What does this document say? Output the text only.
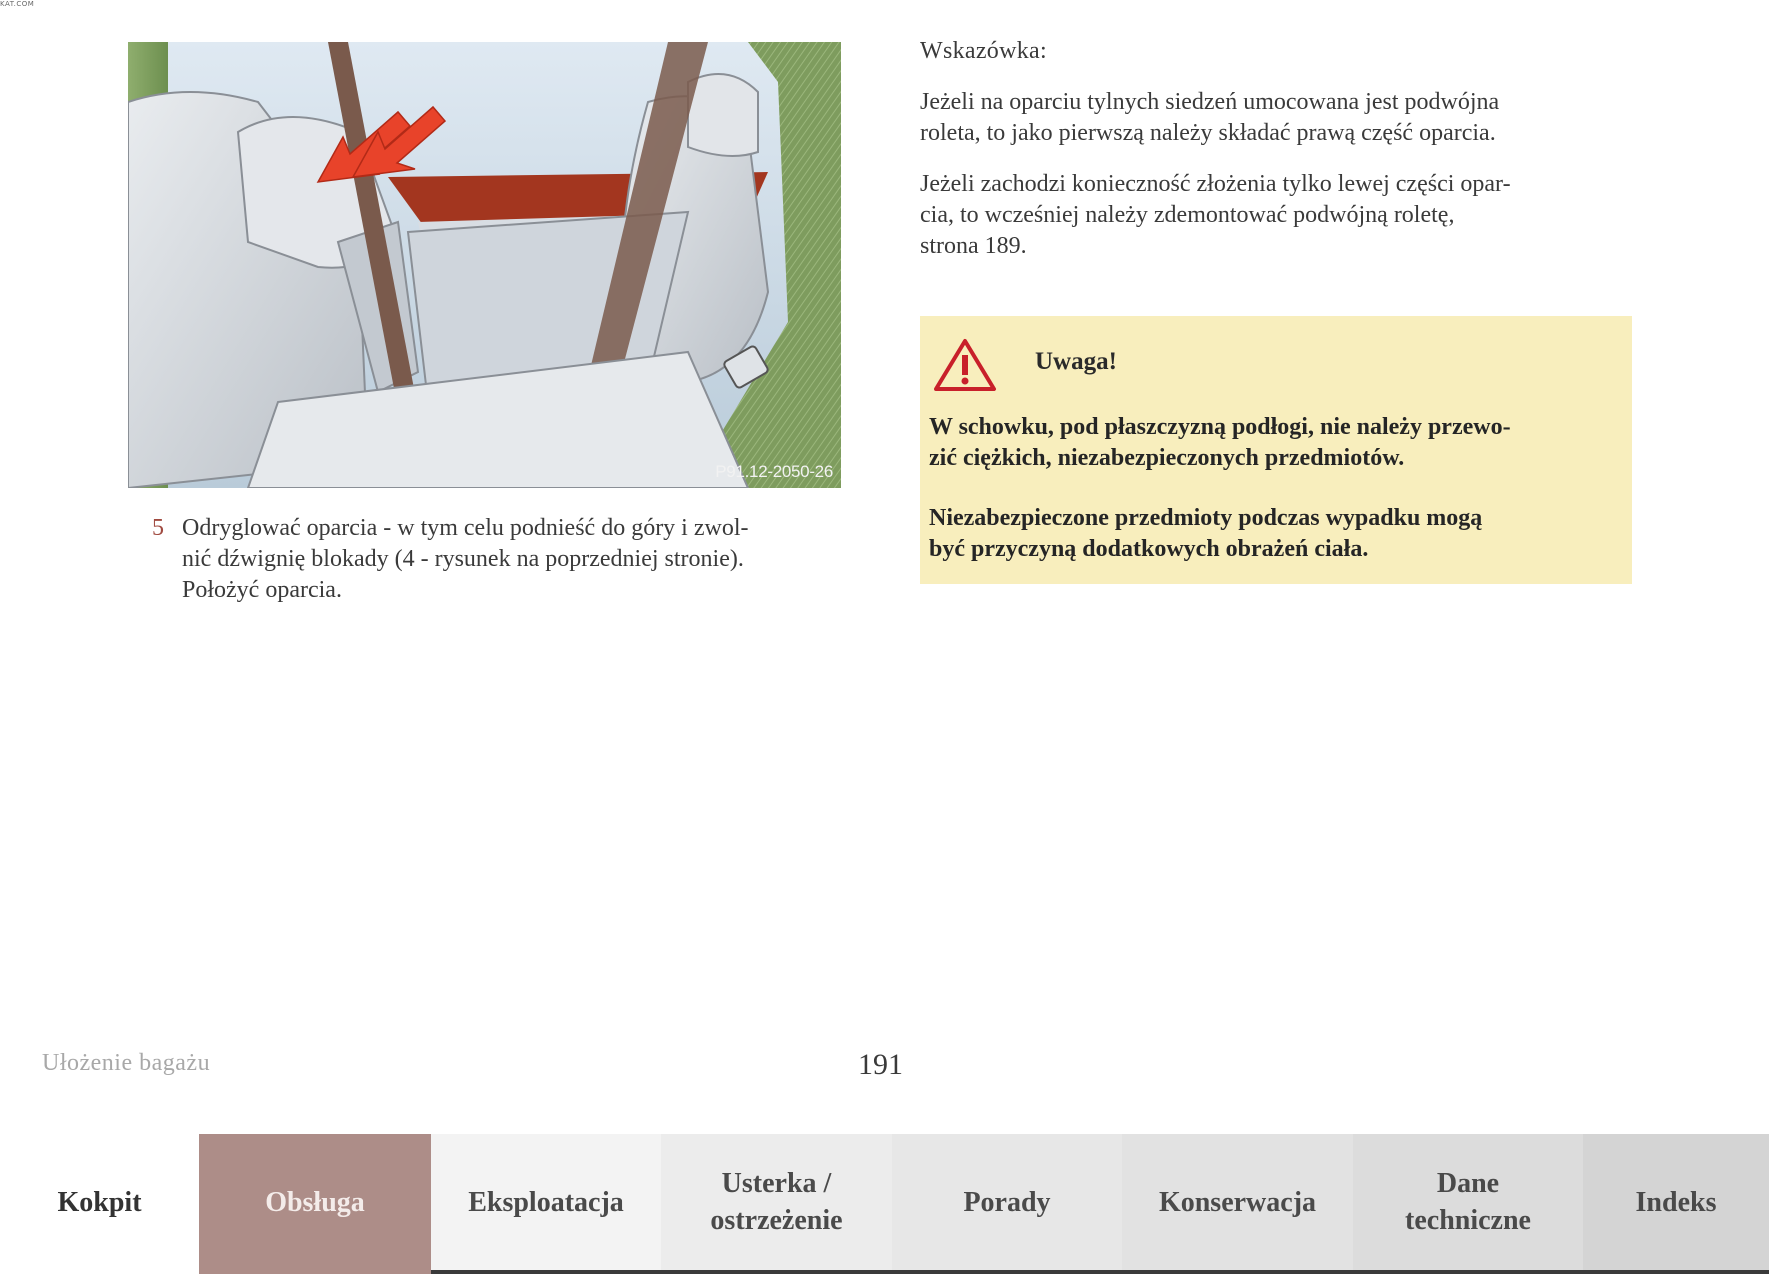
KAT.COM
P91.12-2050-26
5 Odryglować oparcia - w tym celu podnieść do góry i zwol-
nić dźwignię blokady (4 - rysunek na poprzedniej stronie).
Położyć oparcia.
Wskazówka:
Jeżeli na oparciu tylnych siedzeń umocowana jest podwójna
roleta, to jako pierwszą należy składać prawą część oparcia.
Jeżeli zachodzi konieczność złożenia tylko lewej części opar-
cia, to wcześniej należy zdemontować podwójną roletę,
strona 189.
Uwaga!
W schowku, pod płaszczyzną podłogi, nie należy przewo-
zić ciężkich, niezabezpieczonych przedmiotów.
Niezabezpieczone przedmioty podczas wypadku mogą
być przyczyną dodatkowych obrażeń ciała.
Ułożenie bagażu	191
Kokpit	Obsługa	Eksploatacja
Usterka /
ostrzeżenie
Porady	Konserwacja
Dane
techniczne
Indeks
